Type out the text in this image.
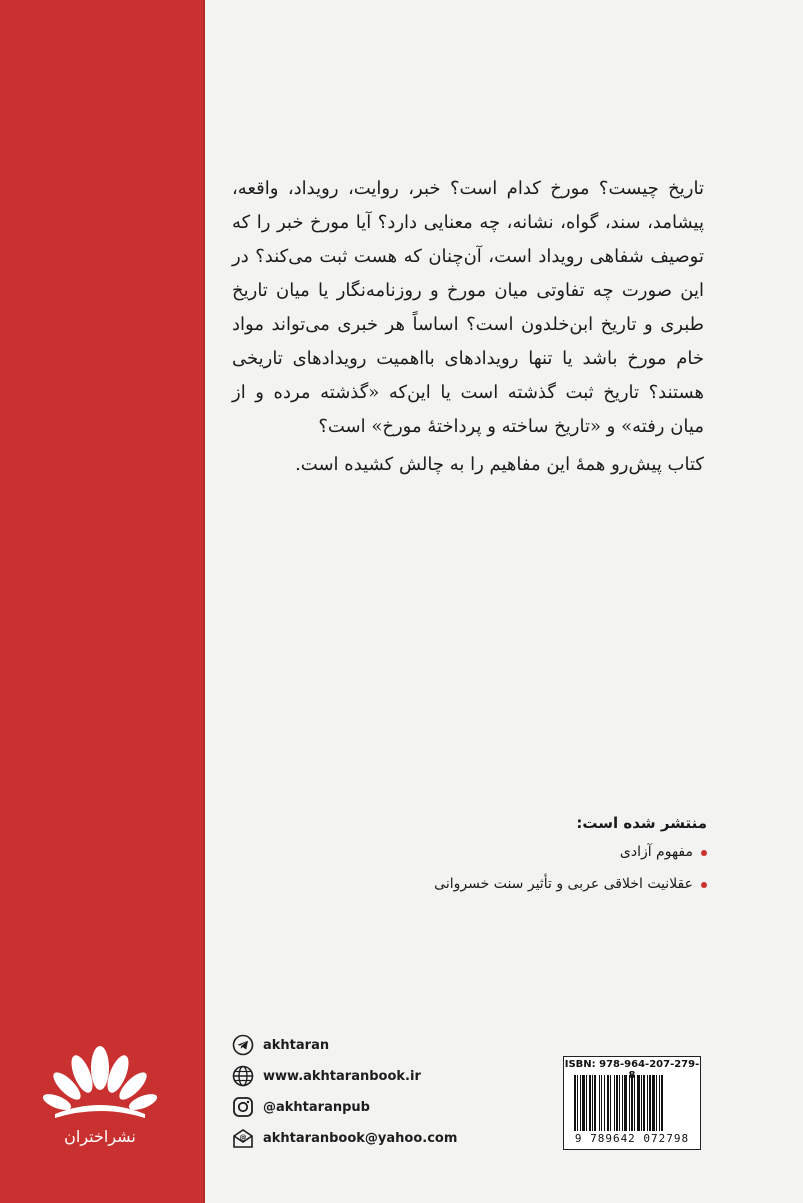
تاریخ چیست؟ مورخ کدام است؟ خبر، روایت، رویداد، واقعه، پیشامد، سند، گواه، نشانه، چه معنایی دارد؟ آیا مورخ خبر را که توصیف شفاهی رویداد است، آن‌چنان که هست ثبت می‌کند؟ در این صورت چه تفاوتی میان مورخ و روزنامه‌نگار یا میان تاریخ طبری و تاریخ ابن‌خلدون است؟ اساساً هر خبری می‌تواند مواد خام مورخ باشد یا تنها رویدادهای بااهمیت رویدادهای تاریخی هستند؟ تاریخ ثبت گذشته است یا این‌که «گذشته مرده و از میان رفته» و «تاریخ ساخته و پرداختهٔ مورخ» است؟

کتاب پیش‌رو همهٔ این مفاهیم را به چالش کشیده است.

منتشر شده است:
مفهوم آزادی
عقلانیت اخلاقی عربی و تأثیر سنت خسروانی
نشراختران
akhtaran
www.akhtaranbook.ir
@akhtaranpub
@ akhtaranbook@yahoo.com
ISBN: 978-964-207-279-
9 789642 072798
